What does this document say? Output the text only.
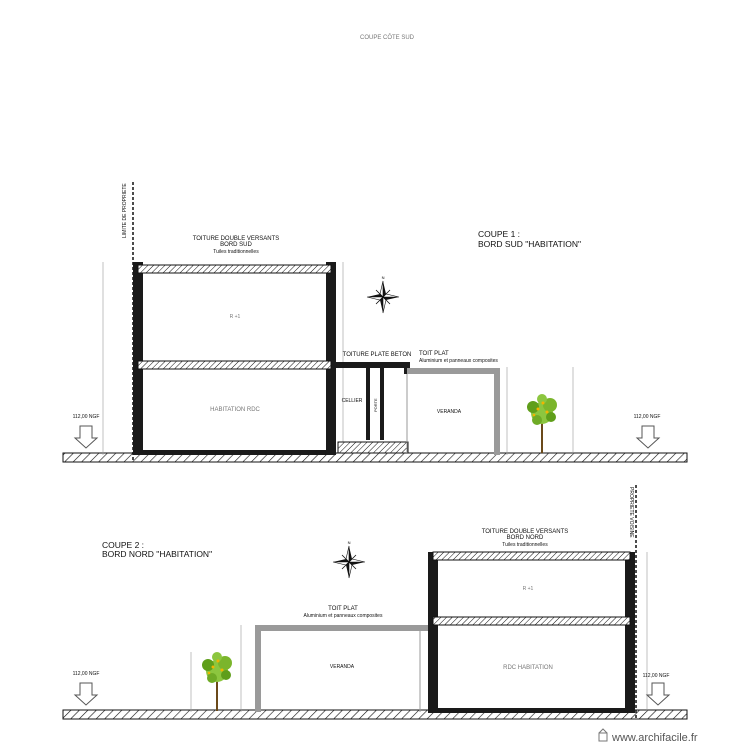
COUPE CÔTE SUD
LIMITE DE PROPRIETE
TOITURE DOUBLE VERSANTS
BORD SUD
Tuiles traditionnelles
R +1
HABITATION RDC
CELLIER	PORTE
TOITURE PLATE BETON TOIT PLAT
Aluminium et panneaux composites
VERANDA
COUPE 1 :
BORD SUD "HABITATION"
112,00 NGF	112,00 NGF
PROPRIETE VOISINE
TOIT PLAT
Aluminium et panneaux composites
VERANDA
TOITURE DOUBLE VERSANTS
BORD NORD
Tuiles traditionnelles
R +1
RDC HABITATION
COUPE 2 :
BORD NORD "HABITATION"
112,00 NGF	112,00 NGF
www.archifacile.fr
